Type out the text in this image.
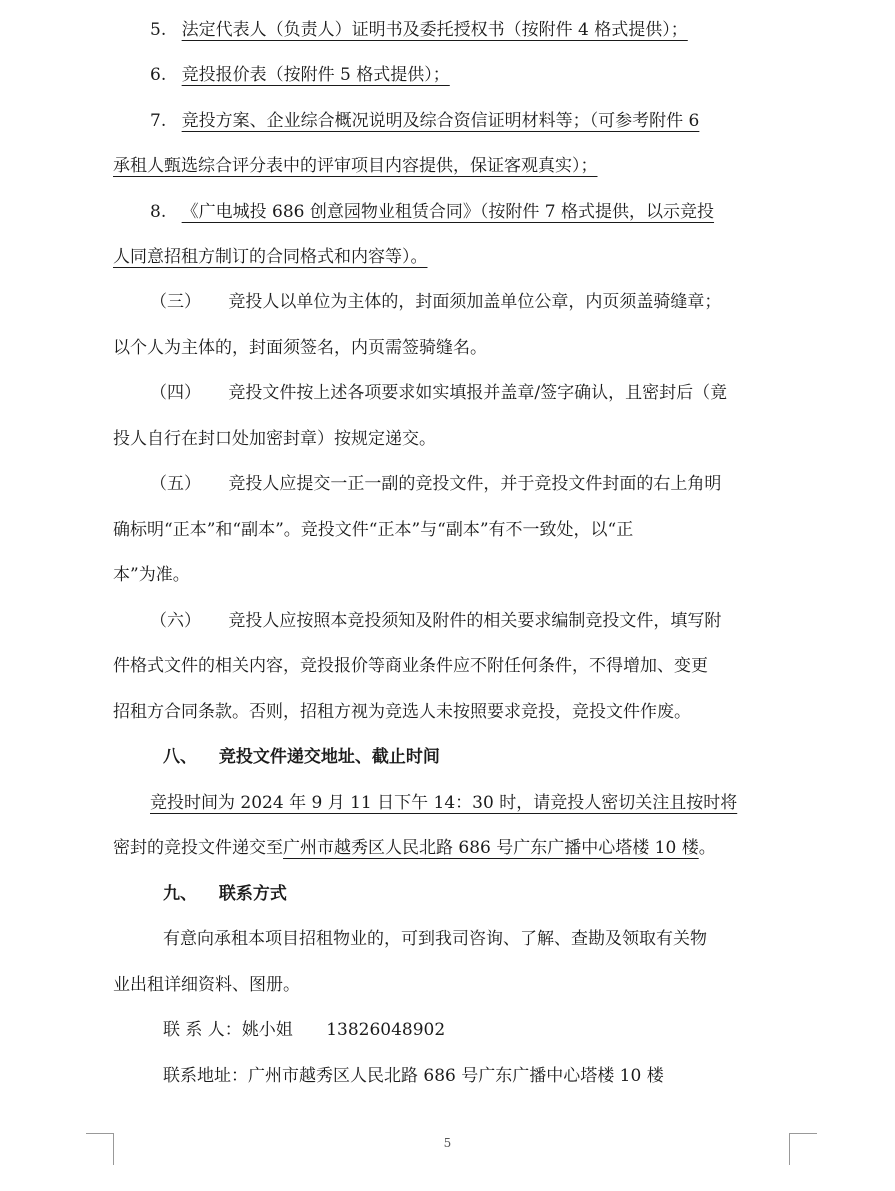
5. 法定代表人（负责人）证明书及委托授权书（按附件 4 格式提供）；
6. 竞投报价表（按附件 5 格式提供）；
7. 竞投方案、企业综合概况说明及综合资信证明材料等；（可参考附件 6
承租人甄选综合评分表中的评审项目内容提供，保证客观真实）；
8. 《广电城投 686 创意园物业租赁合同》（按附件 7 格式提供，以示竞投
人同意招租方制订的合同格式和内容等）。
（三） 竞投人以单位为主体的，封面须加盖单位公章，内页须盖骑缝章；
以个人为主体的，封面须签名，内页需签骑缝名。
（四） 竞投文件按上述各项要求如实填报并盖章/签字确认，且密封后（竟
投人自行在封口处加密封章）按规定递交。
（五） 竞投人应提交一正一副的竞投文件，并于竞投文件封面的右上角明
确标明“正本”和“副本”。竞投文件“正本”与“副本”有不一致处，以“正
本”为准。
（六） 竞投人应按照本竞投须知及附件的相关要求编制竞投文件，填写附
件格式文件的相关内容，竞投报价等商业条件应不附任何条件，不得增加、变更
招租方合同条款。否则，招租方视为竞选人未按照要求竞投，竞投文件作废。
八、 竞投文件递交地址、截止时间
竞投时间为 2024 年 9 月 11 日下午 14：30 时，请竞投人密切关注且按时将
密封的竞投文件递交至广州市越秀区人民北路 686 号广东广播中心塔楼 10 楼。
九、 联系方式
有意向承租本项目招租物业的，可到我司咨询、了解、查勘及领取有关物
业出租详细资料、图册。
联 系 人：姚小姐 13826048902
联系地址：广州市越秀区人民北路 686 号广东广播中心塔楼 10 楼
5
